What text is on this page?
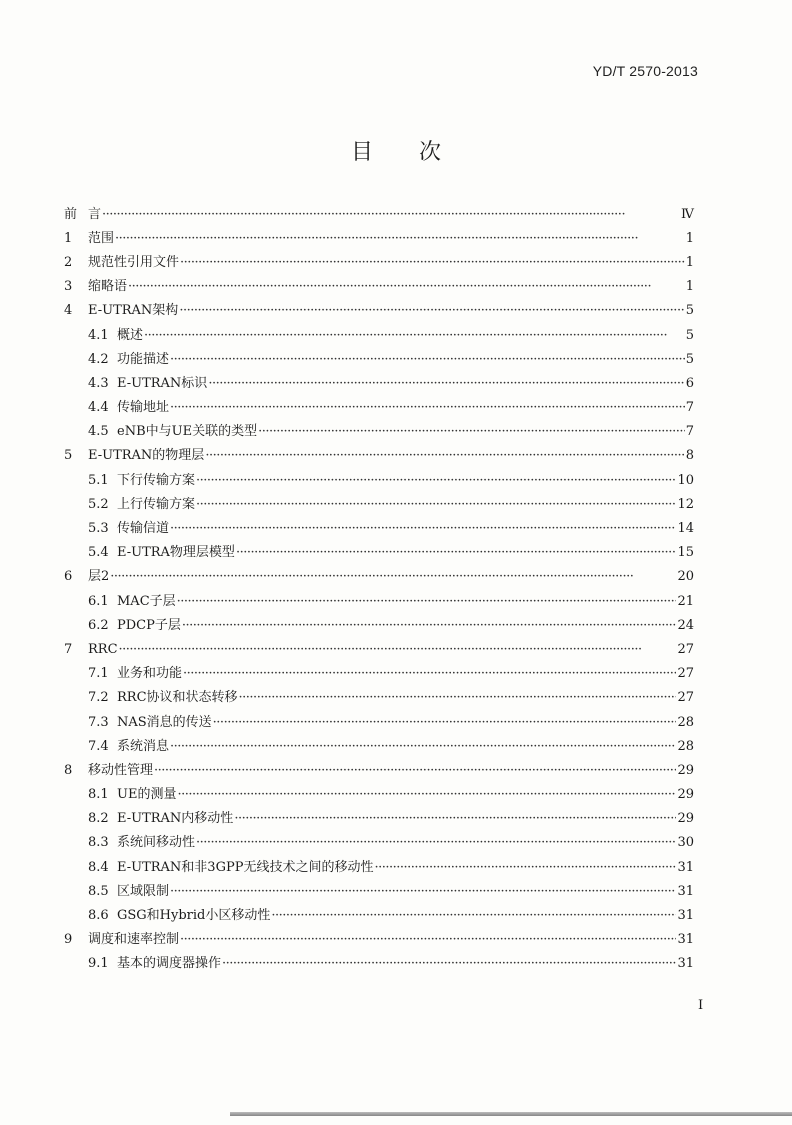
YD/T 2570-2013
目次
前 言 ·····	Ⅳ
1	范围 ·····	1
2	规范性引用文件 ·····	1
3	缩略语 ·····	1
4	E-UTRAN架构 ·····	5
4.1 概述 ·····	5
4.2 功能描述 ·····	5
4.3 E-UTRAN标识 ·····	6
4.4 传输地址 ·····	7
4.5 eNB中与UE关联的类型 ·····	7
5	E-UTRAN的物理层 ·····	8
5.1 下行传输方案 ·····	10
5.2 上行传输方案 ·····	12
5.3 传输信道 ·····	14
5.4 E-UTRA物理层模型 ·····	15
6	层2 ·····	20
6.1 MAC子层 ·····	21
6.2 PDCP子层 ·····	24
7	RRC ·····	27
7.1 业务和功能 ·····	27
7.2 RRC协议和状态转移 ·····	27
7.3 NAS消息的传送 ·····	28
7.4 系统消息 ·····	28
8	移动性管理 ·····	29
8.1 UE的测量 ·····	29
8.2 E-UTRAN内移动性 ·····	29
8.3 系统间移动性 ·····	30
8.4 E-UTRAN和非3GPP无线技术之间的移动性 ·····	31
8.5 区域限制 ·····	31
8.6 GSG和Hybrid小区移动性 ·····	31
9	调度和速率控制 ·····	31
9.1 基本的调度器操作 ·····	31
I
